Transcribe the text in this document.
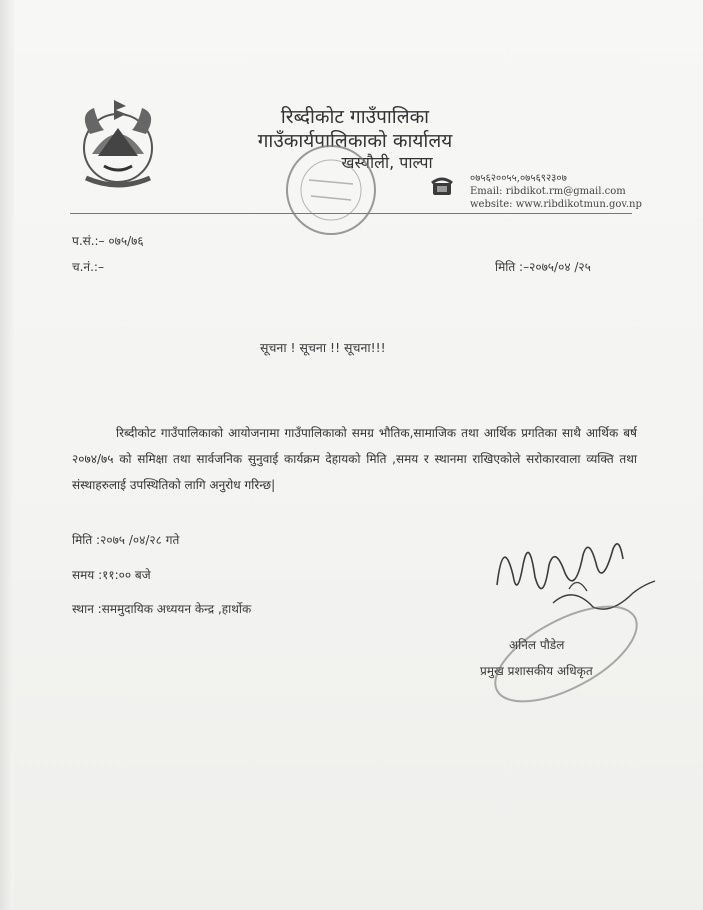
रिब्दीकोट गाउँपालिका
गाउँकार्यपालिकाको कार्यालय
खस्यौली, पाल्पा
०७५६२००५५,०७५६९२३०७
Email: ribdikot.rm@gmail.com
website: www.ribdikotmun.gov.np
प.सं.:– ०७५/७६
च.नं.:–	मिति :–२०७५/०४ /२५
सूचना ! सूचना !! सूचना!!!
रिब्दीकोट गाउँपालिकाको आयोजनामा गाउँपालिकाको समग्र भौतिक,सामाजिक तथा आर्थिक प्रगतिका साथै आर्थिक बर्ष २०७४/७५ को समिक्षा तथा सार्वजनिक सुनुवाई कार्यक्रम देहायको मिति ,समय र स्थानमा राखिएकोले सरोकारवाला व्यक्ति तथा संस्थाहरुलाई उपस्थितिको लागि अनुरोध गरिन्छ|
मिति :२०७५ /०४/२८ गते
समय :११:०० बजे
स्थान :सममुदायिक अध्ययन केन्द्र ,हार्थोक
अनिल पौडेल
प्रमुख प्रशासकीय अधिकृत
